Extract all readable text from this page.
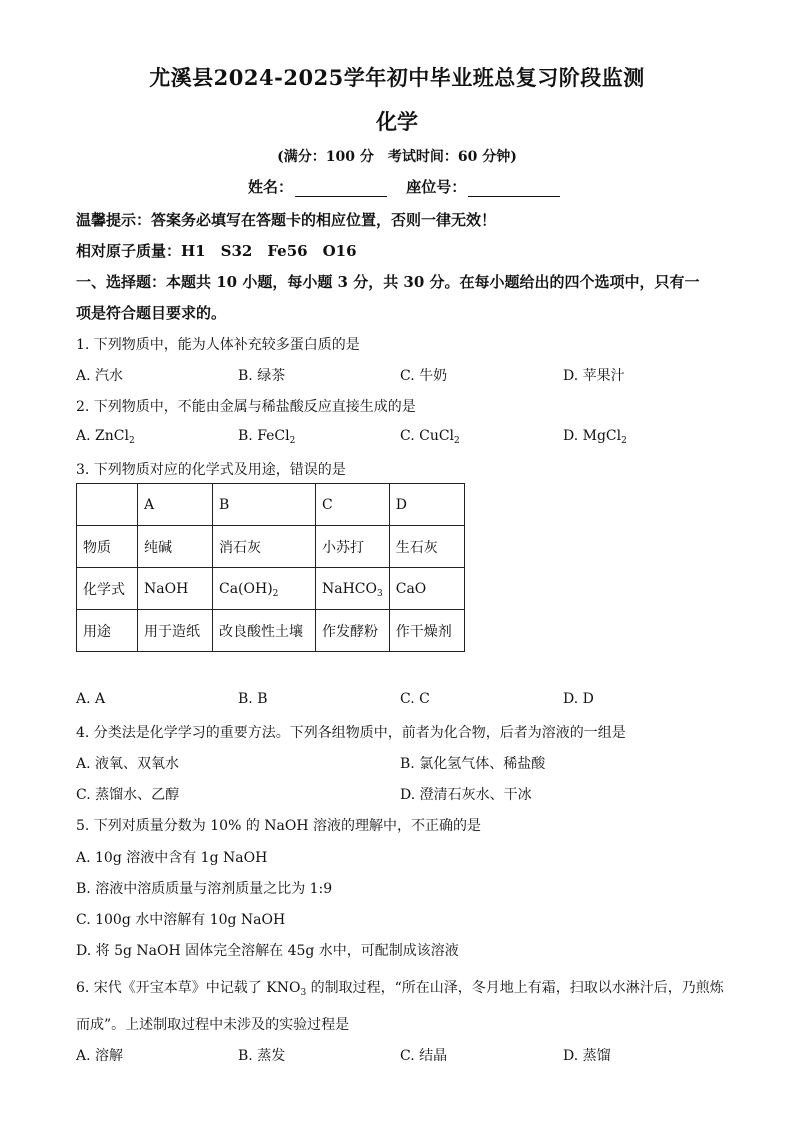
尤溪县2024-2025学年初中毕业班总复习阶段监测
化学
(满分：100 分　考试时间：60 分钟)
姓名：	座位号：
温馨提示：答案务必填写在答题卡的相应位置，否则一律无效！
相对原子质量：H1　S32　Fe56　O16
一、选择题：本题共 10 小题，每小题 3 分，共 30 分。在每小题给出的四个选项中，只有一
项是符合题目要求的。
1. 下列物质中，能为人体补充较多蛋白质的是
A. 汽水	B. 绿茶	C. 牛奶	D. 苹果汁
2. 下列物质中，不能由金属与稀盐酸反应直接生成的是
A. ZnCl$_2$	B. FeCl$_2$	C. CuCl$_2$	D. MgCl$_2$
3. 下列物质对应的化学式及用途，错误的是
	A	B	C	D
物质	纯碱	消石灰	小苏打	生石灰
化学式	NaOH	$Ca(OH)_2$	NaHCO$_3$	CaO
用途	用于造纸	改良酸性土壤	作发酵粉	作干燥剂
A. A	B. B	C. C	D. D
4. 分类法是化学学习的重要方法。下列各组物质中，前者为化合物，后者为溶液的一组是
A. 液氧、双氧水	B. 氯化氢气体、稀盐酸
C. 蒸馏水、乙醇	D. 澄清石灰水、干冰
5. 下列对质量分数为 10% 的 NaOH 溶液的理解中，不正确的是
A. 10g 溶液中含有 1g NaOH
B. 溶液中溶质质量与溶剂质量之比为 1:9
C. 100g 水中溶解有 10g NaOH
D. 将 5g NaOH 固体完全溶解在 45g 水中，可配制成该溶液
6. 宋代《开宝本草》中记载了 $KNO_3$ 的制取过程，“所在山泽，冬月地上有霜，扫取以水淋汁后，乃煎炼
而成”。上述制取过程中未涉及的实验过程是
A. 溶解	B. 蒸发	C. 结晶	D. 蒸馏
